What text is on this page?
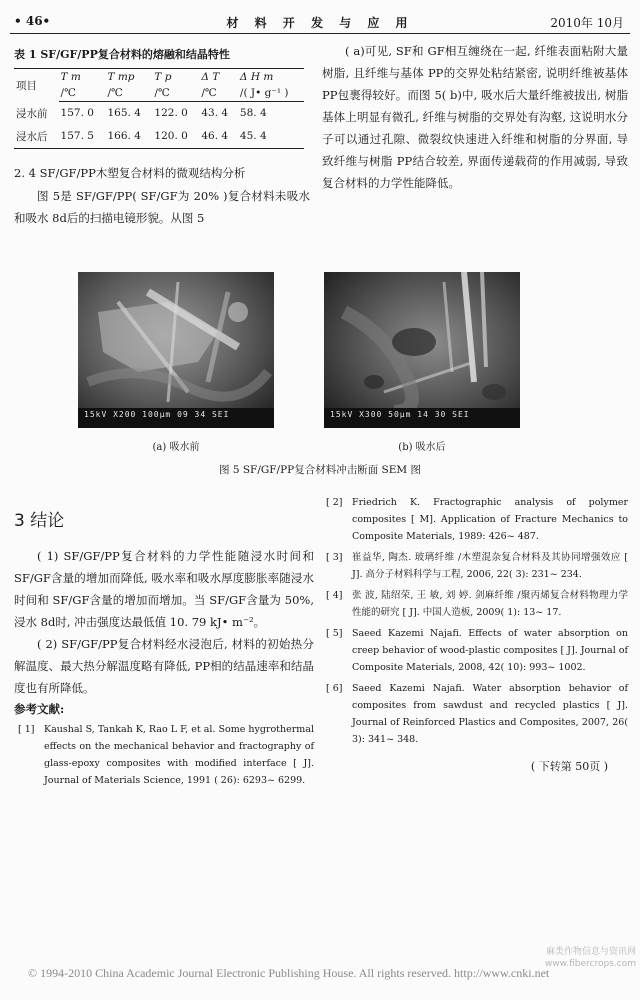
• 46•	材 料 开 发 与 应 用	2010年 10月
表 1 SF/GF/PP复合材料的熔融和结晶特性
项目	T m	T mp	T p	Δ T	Δ H m
	/℃	/℃	/℃	/℃	/( J• g⁻¹ )
浸水前	157. 0	165. 4	122. 0	43. 4	58. 4
浸水后	157. 5	166. 4	120. 0	46. 4	45. 4
2. 4 SF/GF/PP木塑复合材料的微观结构分析

图 5是 SF/GF/PP( SF/GF为 20% )复合材料未吸水和吸水 8d后的扫描电镜形貌。从图 5

( a)可见, SF和 GF相互缠绕在一起, 纤维表面粘附大量树脂, 且纤维与基体 PP的交界处粘结紧密, 说明纤维被基体 PP包裹得较好。而图 5( b)中, 吸水后大量纤维被拔出, 树脂基体上明显有微孔, 纤维与树脂的交界处有沟壑, 这说明水分子可以通过孔隙、微裂纹快速进入纤维和树脂的分界面, 导致纤维与树脂 PP结合较差, 界面传递载荷的作用减弱, 导致复合材料的力学性能降低。

15kV X200 100μm 09 34 SEI	15kV X300 50μm 14 30 SEI
(a) 吸水前	(b) 吸水后
图 5 SF/GF/PP复合材料冲击断面 SEM 图
3 结论

( 1) SF/GF/PP复合材料的力学性能随浸水时间和 SF/GF含量的增加而降低, 吸水率和吸水厚度膨胀率随浸水时间和 SF/GF含量的增加而增加。当 SF/GF含量为 50%, 浸水 8d时, 冲击强度达最低值 10. 79 kJ• m⁻²。

( 2) SF/GF/PP复合材料经水浸泡后, 材料的初始热分解温度、最大热分解温度略有降低, PP相的结晶速率和结晶度也有所降低。

参考文献:
[ 1] Kaushal S, Tankah K, Rao L F, et al. Some hygrothermal effects on the mechanical behavior and fractography of glass-epoxy composites with modified interface [ J]. Journal of Materials Science, 1991 ( 26): 6293~ 6299.
[ 2] Friedrich K. Fractographic analysis of polymer composites [ M]. Application of Fracture Mechanics to Composite Materials, 1989: 426~ 487.
[ 3] 崔益华, 陶杰. 玻璃纤维 /木塑混杂复合材料及其协同增强效应 [ J]. 高分子材料科学与工程, 2006, 22( 3): 231~ 234.
[ 4] 张 波, 陆绍荣, 王 敏, 刘 婷. 剑麻纤维 /聚丙烯复合材料物理力学性能的研究 [ J]. 中国人造板, 2009( 1): 13~ 17.
[ 5] Saeed Kazemi Najafi. Effects of water absorption on creep behavior of wood-plastic composites [ J]. Journal of Composite Materials, 2008, 42( 10): 993~ 1002.
[ 6] Saeed Kazemi Najafi. Water absorption behavior of composites from sawdust and recycled plastics [ J]. Journal of Reinforced Plastics and Composites, 2007, 26( 3): 341~ 348.
( 下转第 50页 )
© 1994-2010 China Academic Journal Electronic Publishing House. All rights reserved. http://www.cnki.net
麻类作物信息与资讯网
www.fibercrops.com
